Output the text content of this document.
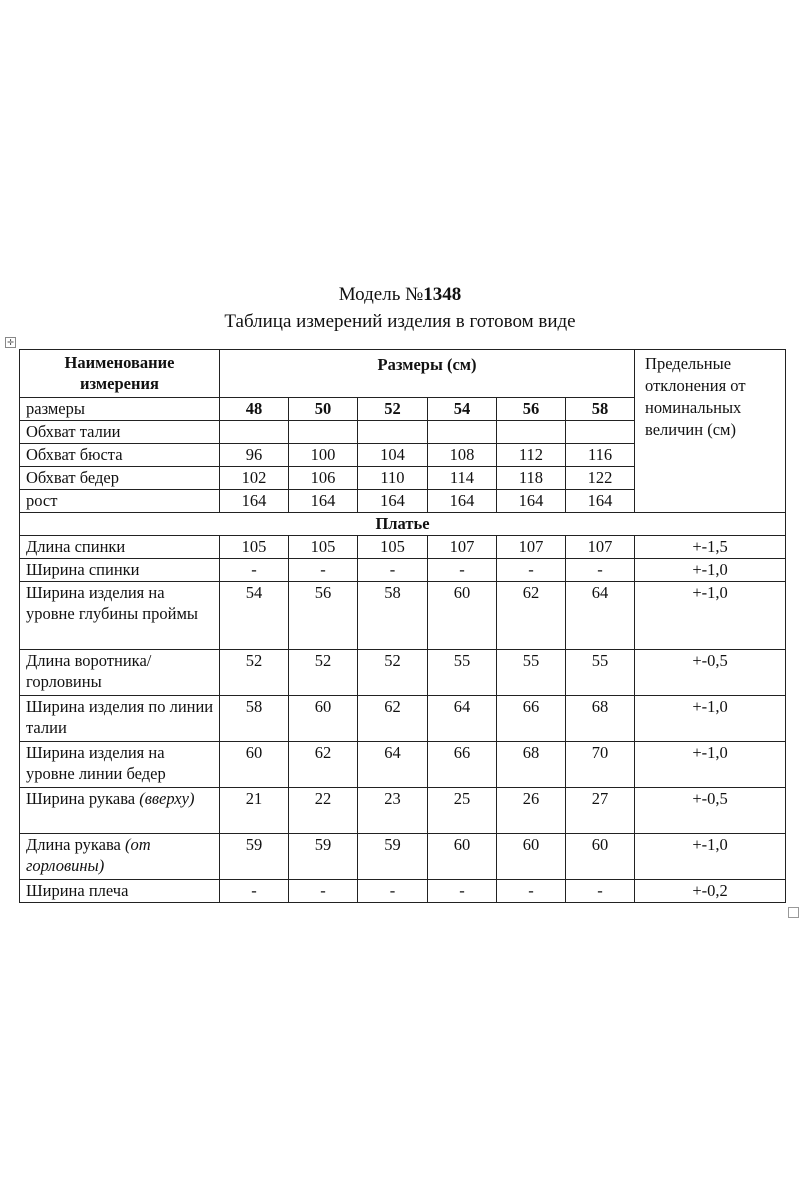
Модель №1348
Таблица измерений изделия в готовом виде
✛
Наименование измерения	Размеры (см)						Предельные отклонения от номинальных величин (см)
размеры	48	50	52	54	56	58	
Обхват талии							
Обхват бюста	96	100	104	108	112	116	
Обхват бедер	102	106	110	114	118	122	
рост	164	164	164	164	164	164	
Платье							
Длина спинки	105	105	105	107	107	107	+-1,5
Ширина спинки	-	-	-	-	-	-	+-1,0
Ширина изделия на уровне глубины проймы	54	56	58	60	62	64	+-1,0
Длина воротника/горловины	52	52	52	55	55	55	+-0,5
Ширина изделия по линии талии	58	60	62	64	66	68	+-1,0
Ширина изделия на уровне линии бедер	60	62	64	66	68	70	+-1,0
Ширина рукава (вверху)	21	22	23	25	26	27	+-0,5
Длина рукава (от горловины)	59	59	59	60	60	60	+-1,0
Ширина плеча	-	-	-	-	-	-	+-0,2
